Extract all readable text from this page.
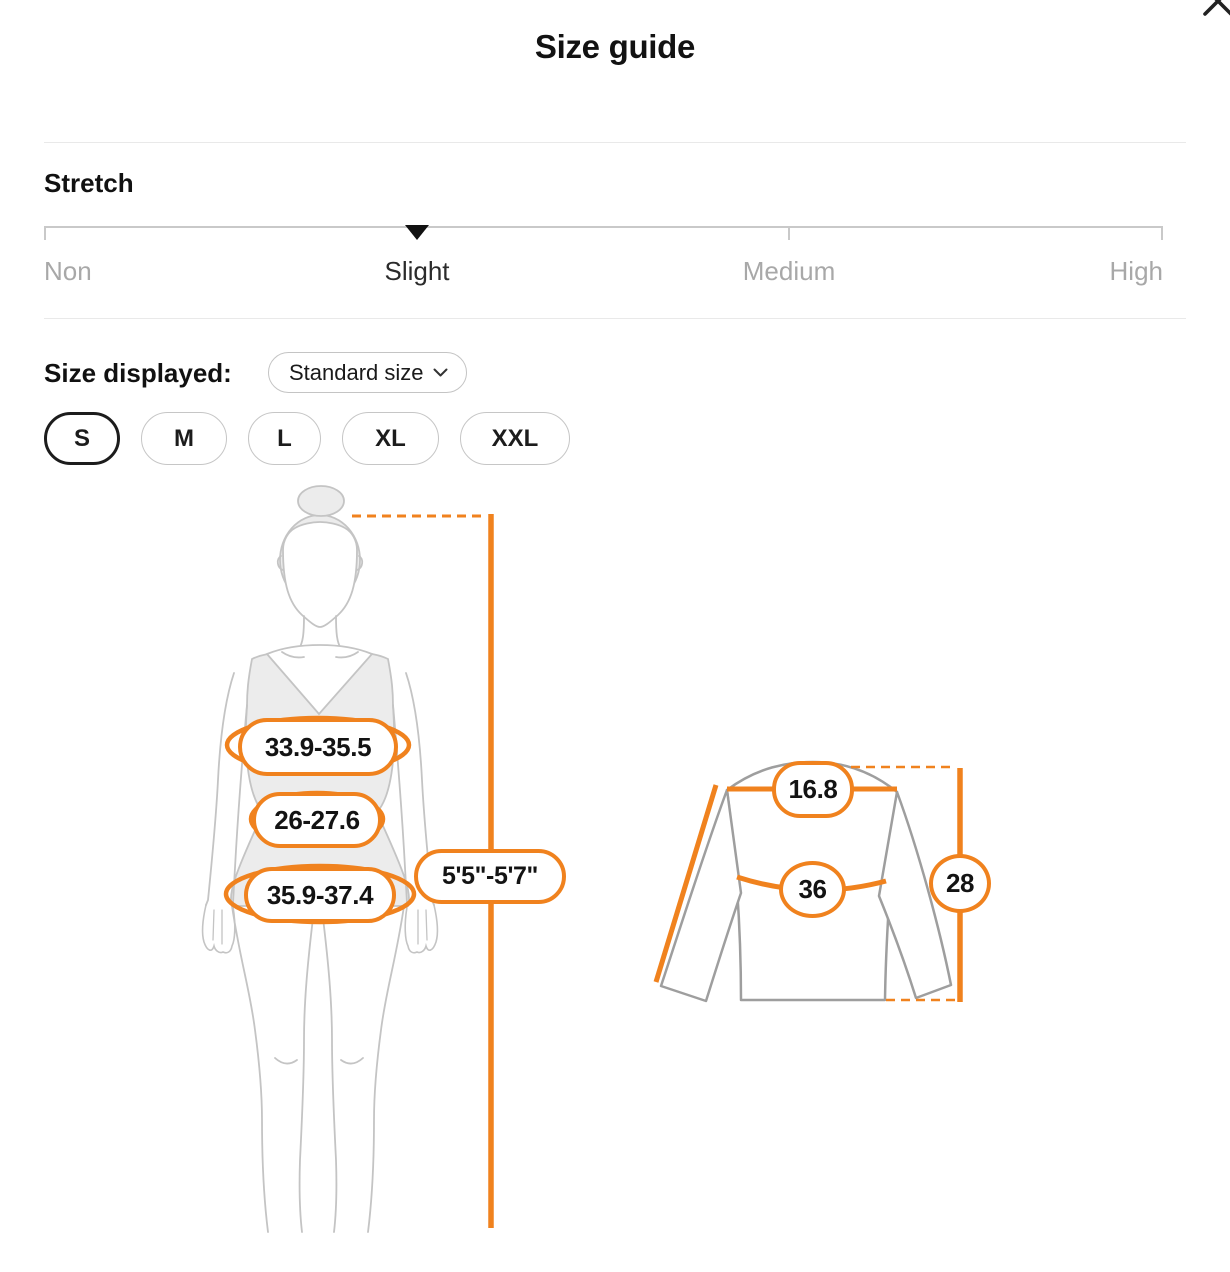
Size guide
Stretch
Non	Slight	Medium	High
Size displayed:	Standard size
S	M	L	XL	XXL
33.9-35.5
26-27.6
35.9-37.4
5'5"-5'7"
16.8
36	28
